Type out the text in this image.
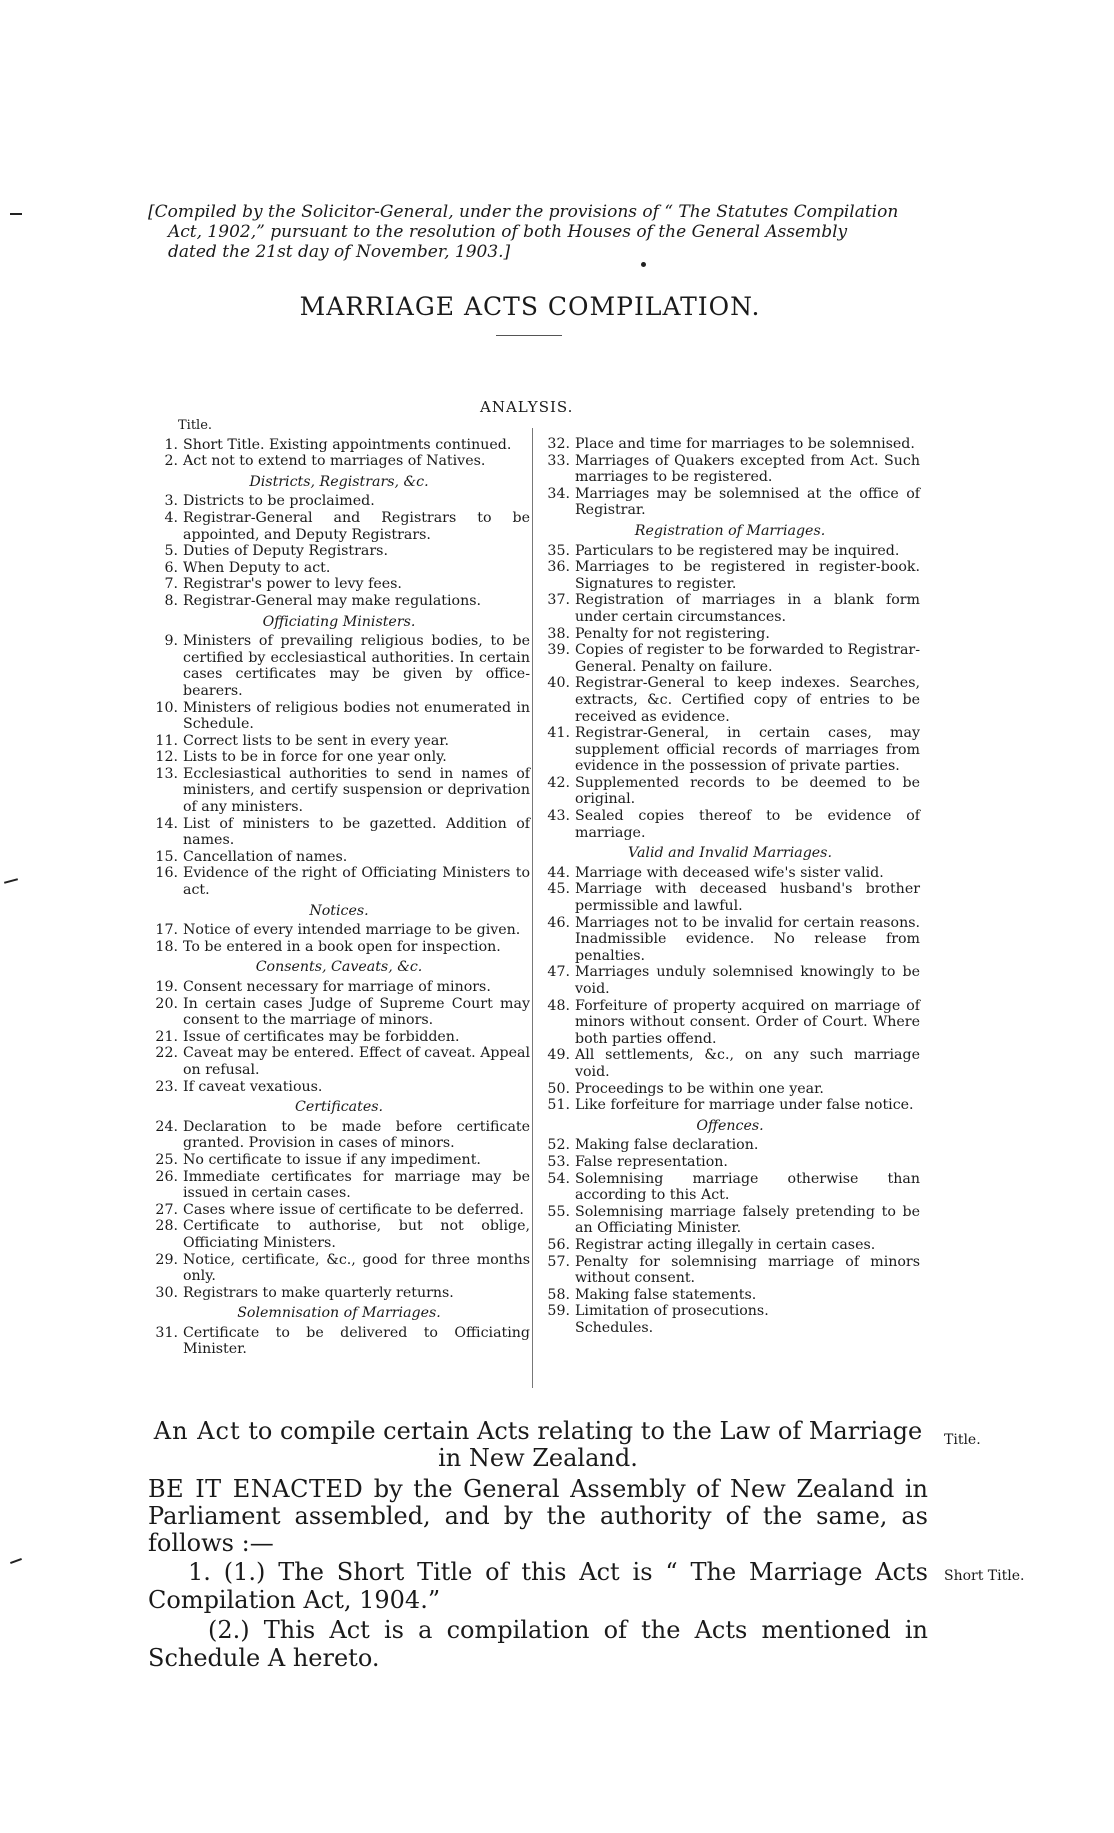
[Compiled by the Solicitor-General, under the provisions of “ The Statutes Compilation
Act, 1902,” pursuant to the resolution of both Houses of the General Assembly
dated the 21st day of November, 1903.]
MARRIAGE ACTS COMPILATION.
ANALYSIS.
Title.
1. Short Title. Existing appointments continued.
2. Act not to extend to marriages of Natives.
Districts, Registrars, &c.
3. Districts to be proclaimed.
4. Registrar-General and Registrars to be appointed, and Deputy Registrars.
5. Duties of Deputy Registrars.
6. When Deputy to act.
7. Registrar's power to levy fees.
8. Registrar-General may make regulations.
Officiating Ministers.
9. Ministers of prevailing religious bodies, to be certified by ecclesiastical authorities. In certain cases certificates may be given by office-bearers.
10. Ministers of religious bodies not enumerated in Schedule.
11. Correct lists to be sent in every year.
12. Lists to be in force for one year only.
13. Ecclesiastical authorities to send in names of ministers, and certify suspension or deprivation of any ministers.
14. List of ministers to be gazetted. Addition of names.
15. Cancellation of names.
16. Evidence of the right of Officiating Ministers to act.
Notices.
17. Notice of every intended marriage to be given.
18. To be entered in a book open for inspection.
Consents, Caveats, &c.
19. Consent necessary for marriage of minors.
20. In certain cases Judge of Supreme Court may consent to the marriage of minors.
21. Issue of certificates may be forbidden.
22. Caveat may be entered. Effect of caveat. Appeal on refusal.
23. If caveat vexatious.
Certificates.
24. Declaration to be made before certificate granted. Provision in cases of minors.
25. No certificate to issue if any impediment.
26. Immediate certificates for marriage may be issued in certain cases.
27. Cases where issue of certificate to be deferred.
28. Certificate to authorise, but not oblige, Officiating Ministers.
29. Notice, certificate, &c., good for three months only.
30. Registrars to make quarterly returns.
Solemnisation of Marriages.
31. Certificate to be delivered to Officiating Minister.
32. Place and time for marriages to be solemnised.
33. Marriages of Quakers excepted from Act. Such marriages to be registered.
34. Marriages may be solemnised at the office of Registrar.
Registration of Marriages.
35. Particulars to be registered may be inquired.
36. Marriages to be registered in register-book. Signatures to register.
37. Registration of marriages in a blank form under certain circumstances.
38. Penalty for not registering.
39. Copies of register to be forwarded to Registrar-General. Penalty on failure.
40. Registrar-General to keep indexes. Searches, extracts, &c. Certified copy of entries to be received as evidence.
41. Registrar-General, in certain cases, may supplement official records of marriages from evidence in the possession of private parties.
42. Supplemented records to be deemed to be original.
43. Sealed copies thereof to be evidence of marriage.
Valid and Invalid Marriages.
44. Marriage with deceased wife's sister valid.
45. Marriage with deceased husband's brother permissible and lawful.
46. Marriages not to be invalid for certain reasons. Inadmissible evidence. No release from penalties.
47. Marriages unduly solemnised knowingly to be void.
48. Forfeiture of property acquired on marriage of minors without consent. Order of Court. Where both parties offend.
49. All settlements, &c., on any such marriage void.
50. Proceedings to be within one year.
51. Like forfeiture for marriage under false notice.
Offences.
52. Making false declaration.
53. False representation.
54. Solemnising marriage otherwise than according to this Act.
55. Solemnising marriage falsely pretending to be an Officiating Minister.
56. Registrar acting illegally in certain cases.
57. Penalty for solemnising marriage of minors without consent.
58. Making false statements.
59. Limitation of prosecutions.
Schedules.
An Act to compile certain Acts relating to the Law of Marriage in New Zealand.
Title.
BE IT ENACTED by the General Assembly of New Zealand in Parliament assembled, and by the authority of the same, as follows :—
1. (1.) The Short Title of this Act is “ The Marriage Acts Compilation Act, 1904.”
Short Title.
(2.) This Act is a compilation of the Acts mentioned in Schedule A hereto.
